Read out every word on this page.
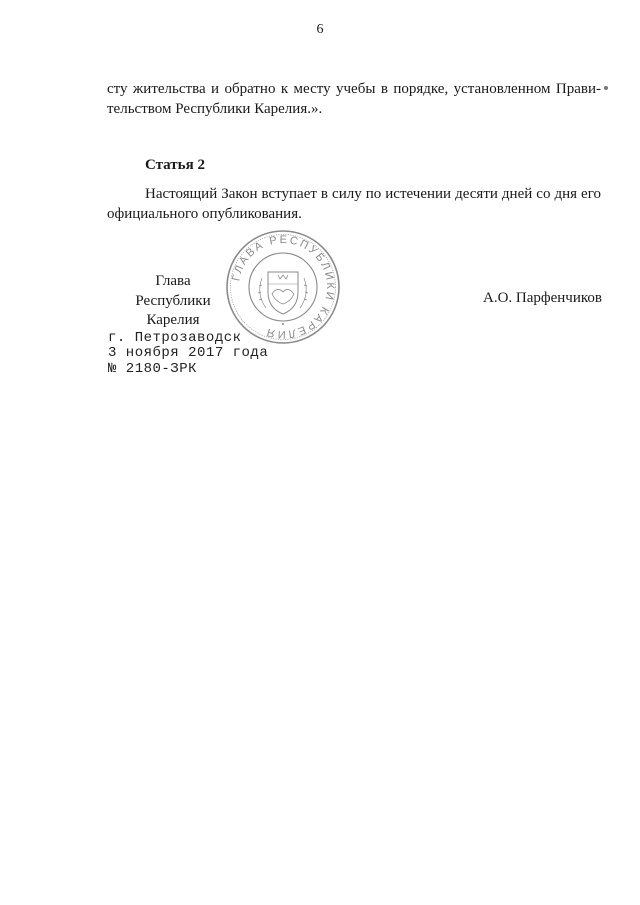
6
сту жительства и обратно к месту учебы в порядке, установленном Прави-
тельством Республики Карелия.».
Статья 2
Настоящий Закон вступает в силу по истечении десяти дней со дня его
официального опубликования.
ГЛАВА РЕСПУБЛИКИ КАРЕЛИЯ
Глава
Республики Карелия
А.О. Парфенчиков
г. Петрозаводск
3 ноября 2017 года
№ 2180-ЗРК
